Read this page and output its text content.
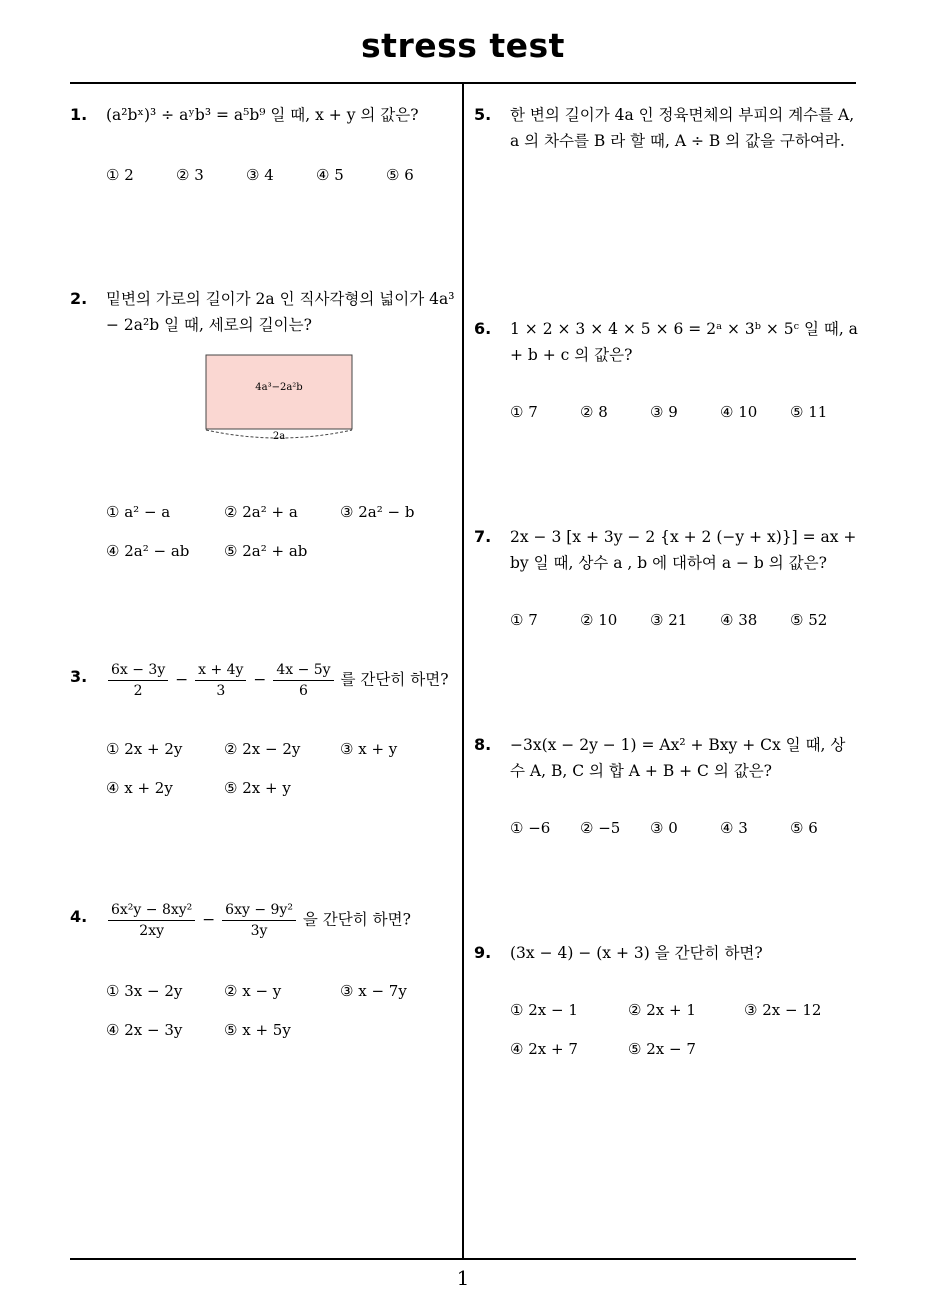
stress test
1. (a²bˣ)³ ÷ aʸb³ = a⁵b⁹ 일 때, x + y 의 값은?
① 2	② 3	③ 4	④ 5	⑤ 6
2. 밑변의 가로의 길이가 2a 인 직사각형의 넓이가 4a³ − 2a²b 일 때, 세로의 길이는?
4a³−2a²b
2a
① a² − a	② 2a² + a	③ 2a² − b
④ 2a² − ab ⑤ 2a² + ab
3. $\frac{6x - 3y}{2} - \frac{x + 4y}{3} - \frac{4x - 5y}{6}$ 를 간단히 하면?
① 2x + 2y	② 2x − 2y	③ x + y
④ x + 2y	⑤ 2x + y
4. $\frac{\text{6x²y − 8xy²}}{2xy} - \frac{\text{6xy − 9y²}}{3y}$ 을 간단히 하면?
① 3x − 2y	② x − y	③ x − 7y
④ 2x − 3y	⑤ x + 5y
5. 한 변의 길이가 4a 인 정육면체의 부피의 계수를 A, a 의 차수를 B 라 할 때, A ÷ B 의 값을 구하여라.
6. 1 × 2 × 3 × 4 × 5 × 6 = 2ᵃ × 3ᵇ × 5ᶜ 일 때, a + b + c 의 값은?
① 7	② 8	③ 9	④ 10 ⑤ 11
7. 2x − 3 [x + 3y − 2 {x + 2 (−y + x)}] = ax + by 일 때, 상수 a , b 에 대하여 a − b 의 값은?
① 7	② 10 ③ 21 ④ 38 ⑤ 52
8. −3x(x − 2y − 1) = Ax² + Bxy + Cx 일 때, 상수 A, B, C 의 합 A + B + C 의 값은?
① −6 ② −5 ③ 0	④ 3	⑤ 6
9. (3x − 4) − (x + 3) 을 간단히 하면?
① 2x − 1	② 2x + 1	③ 2x − 12
④ 2x + 7	⑤ 2x − 7
1
